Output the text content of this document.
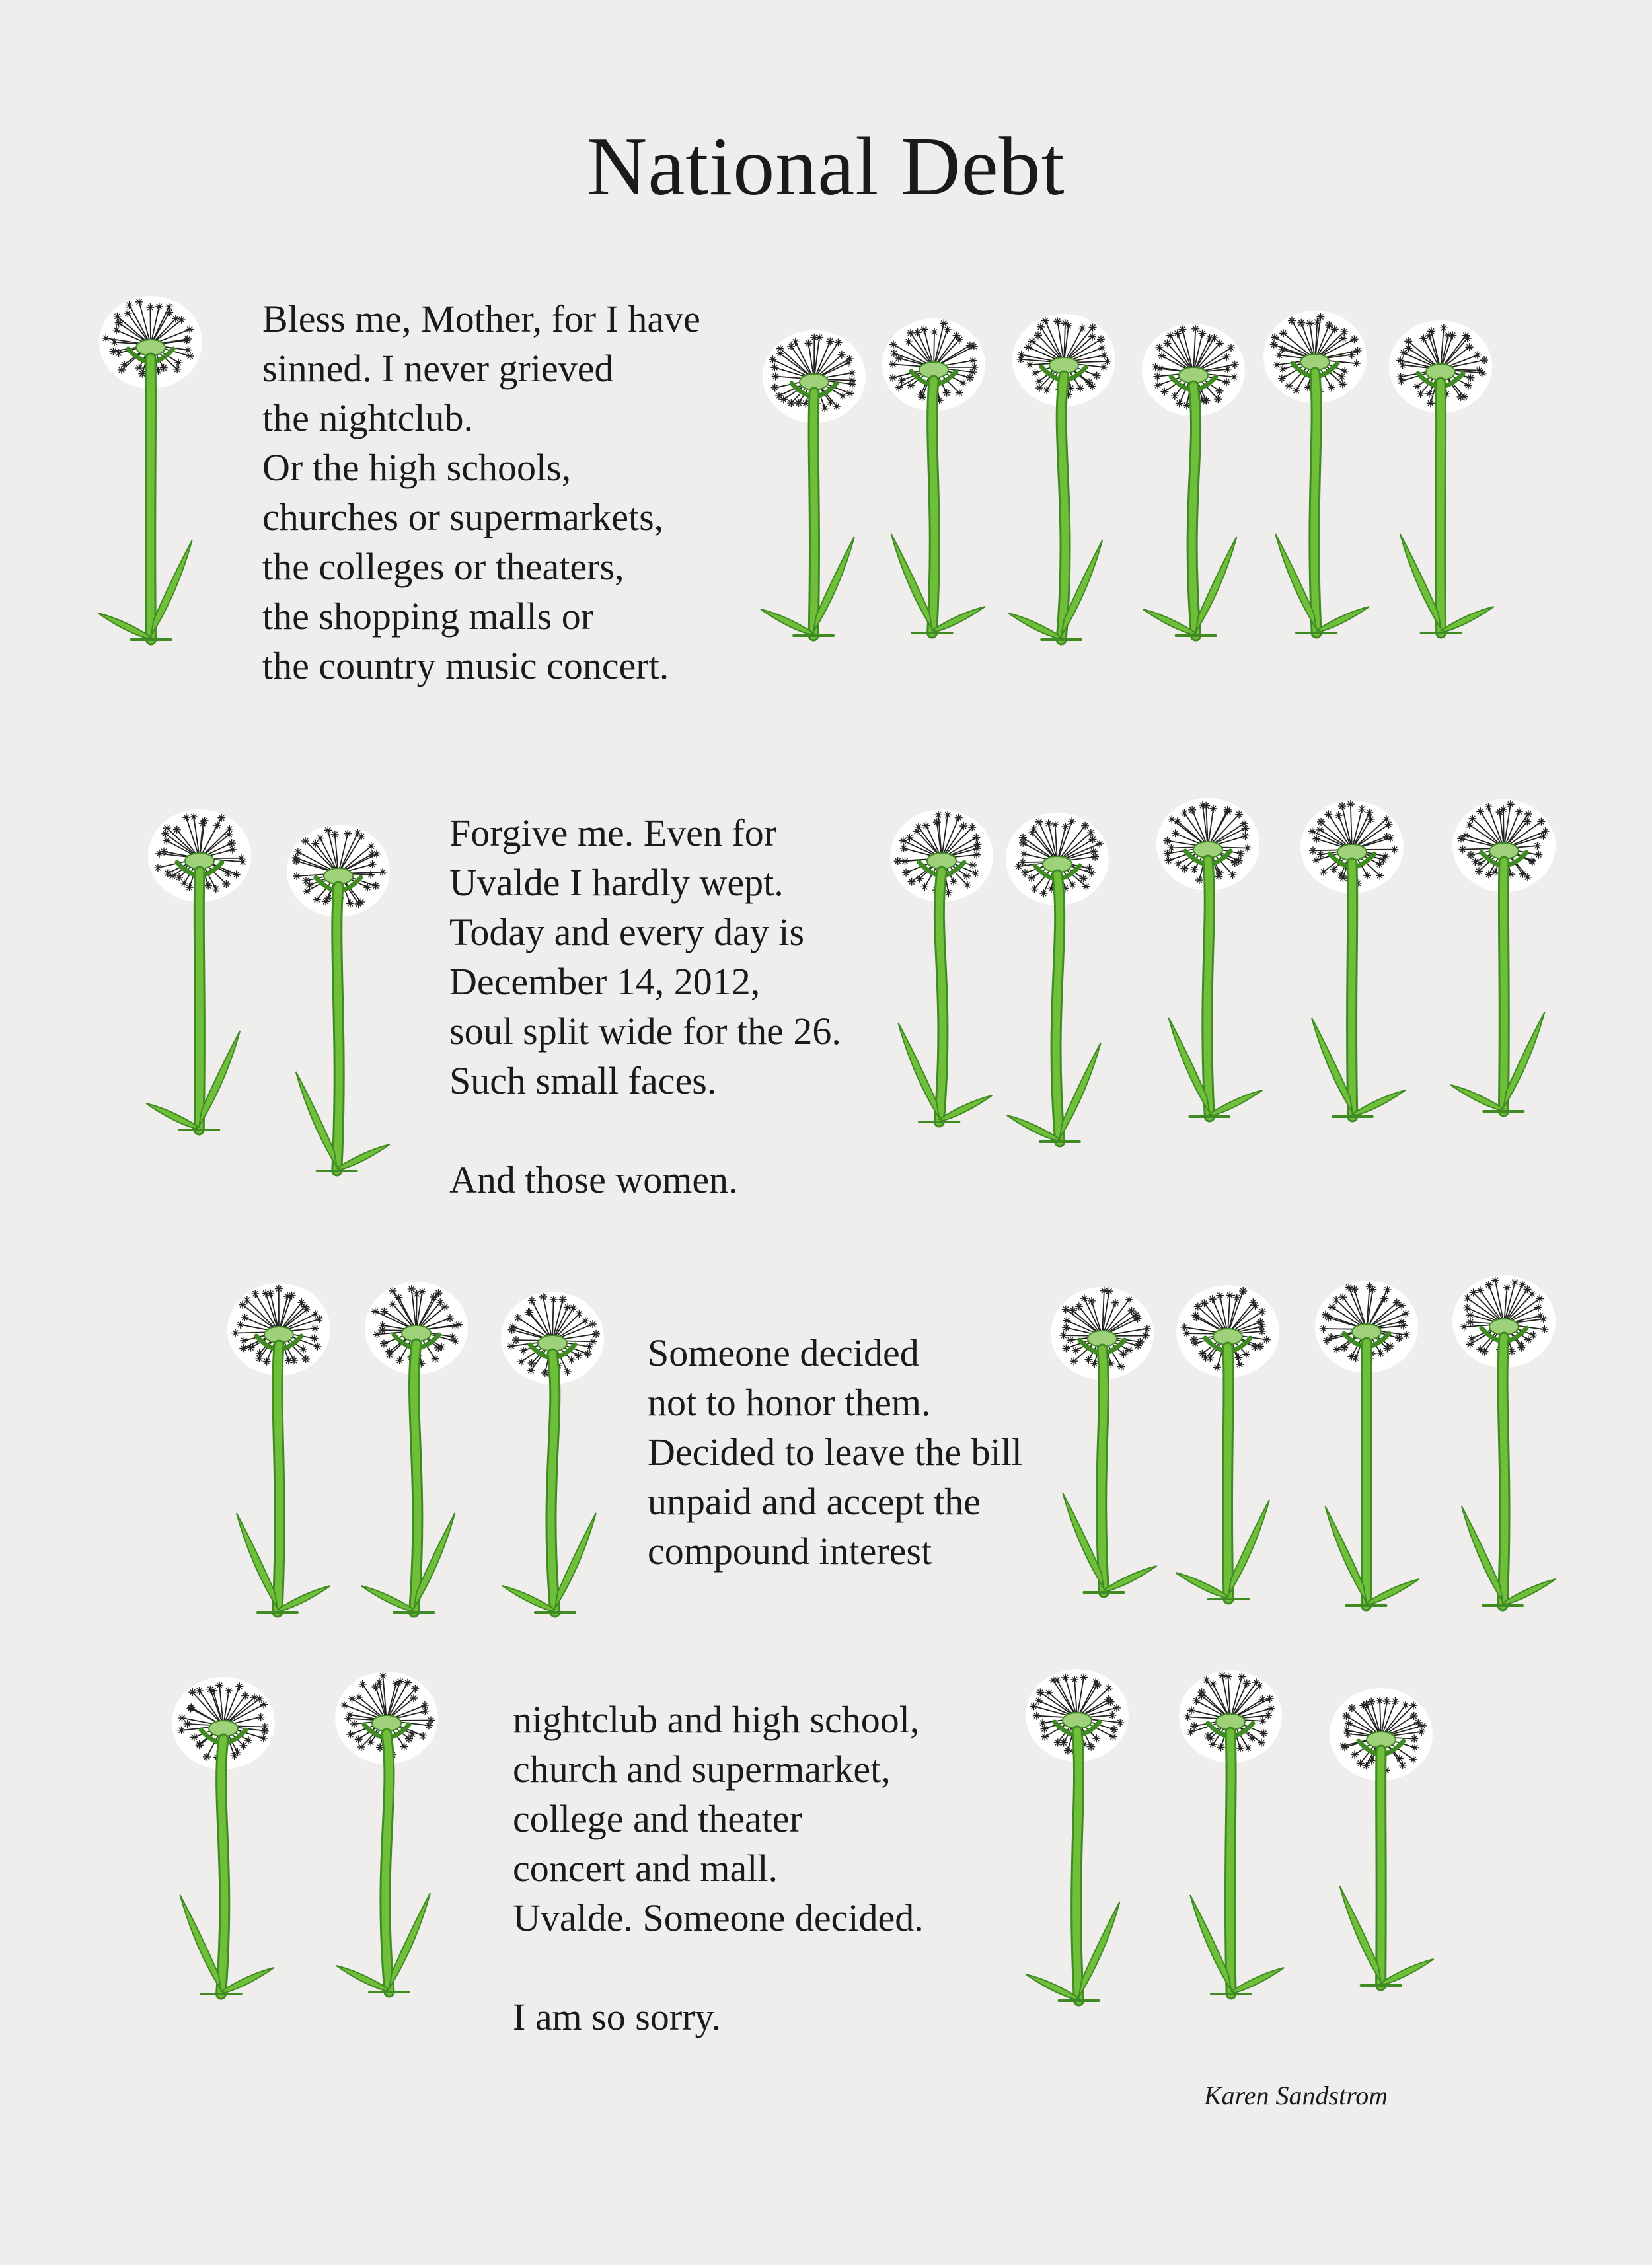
National Debt
Bless me, Mother, for I have
sinned. I never grieved
the nightclub.
Or the high schools,
churches or supermarkets,
the colleges or theaters,
the shopping malls or
the country music concert.
Forgive me. Even for
Uvalde I hardly wept.
Today and every day is
December 14, 2012,
soul split wide for the 26.
Such small faces.
And those women.
Someone decided
not to honor them.
Decided to leave the bill
unpaid and accept the
compound interest
nightclub and high school,
church and supermarket,
college and theater
concert and mall.
Uvalde. Someone decided.
I am so sorry.
Karen Sandstrom
